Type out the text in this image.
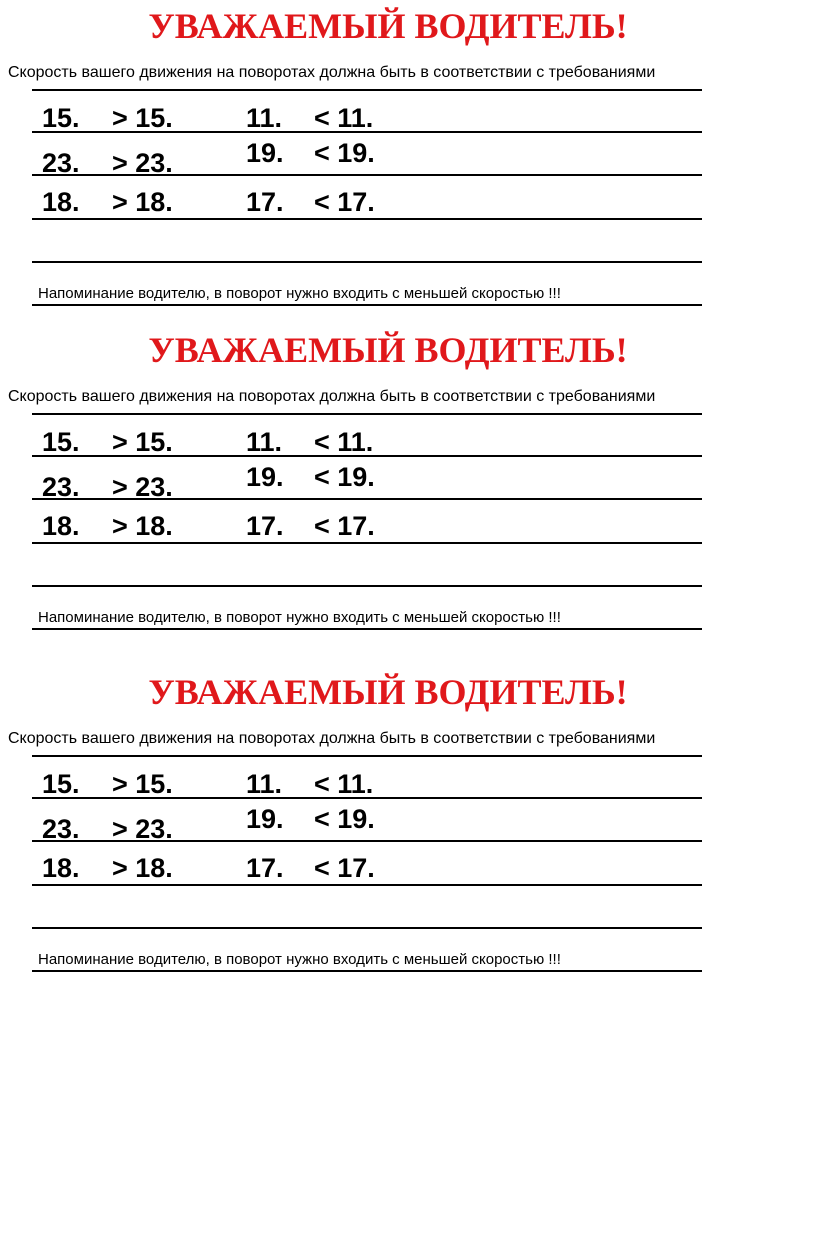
УВАЖАЕМЫЙ ВОДИТЕЛЬ!
Скорость вашего движения на поворотах должна быть в соответствии с требованиями
15. > 15.	11. < 11.
23. > 23.	19. < 19.
18. > 18.	17. < 17.
Напоминание водителю, в поворот нужно входить с меньшей скоростью !!!
УВАЖАЕМЫЙ ВОДИТЕЛЬ!
Скорость вашего движения на поворотах должна быть в соответствии с требованиями
15. > 15.	11. < 11.
23. > 23.	19. < 19.
18. > 18.	17. < 17.
Напоминание водителю, в поворот нужно входить с меньшей скоростью !!!
УВАЖАЕМЫЙ ВОДИТЕЛЬ!
Скорость вашего движения на поворотах должна быть в соответствии с требованиями
15. > 15.	11. < 11.
23. > 23.	19. < 19.
18. > 18.	17. < 17.
Напоминание водителю, в поворот нужно входить с меньшей скоростью !!!
